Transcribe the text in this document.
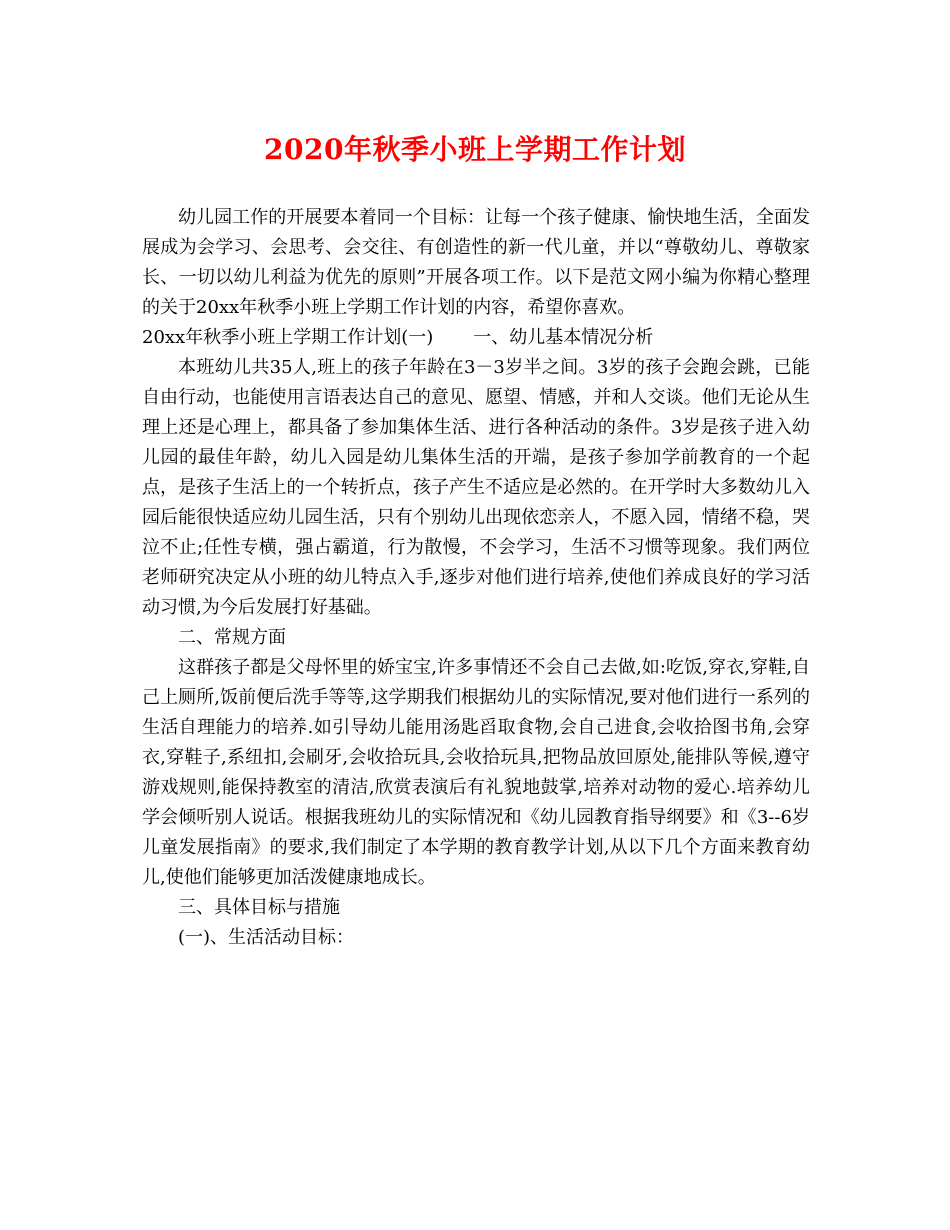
2020年秋季小班上学期工作计划

幼儿园工作的开展要本着同一个目标：让每一个孩子健康、愉快地生活，全面发展成为会学习、会思考、会交往、有创造性的新一代儿童，并以“尊敬幼儿、尊敬家长、一切以幼儿利益为优先的原则”开展各项工作。以下是范文网小编为你精心整理的关于20xx年秋季小班上学期工作计划的内容，希望你喜欢。

20xx年秋季小班上学期工作计划(一) 一、幼儿基本情况分析

本班幼儿共35人,班上的孩子年龄在3－3岁半之间。3岁的孩子会跑会跳，已能自由行动，也能使用言语表达自己的意见、愿望、情感，并和人交谈。他们无论从生理上还是心理上，都具备了参加集体生活、进行各种活动的条件。3岁是孩子进入幼儿园的最佳年龄，幼儿入园是幼儿集体生活的开端，是孩子参加学前教育的一个起点，是孩子生活上的一个转折点，孩子产生不适应是必然的。在开学时大多数幼儿入园后能很快适应幼儿园生活，只有个别幼儿出现依恋亲人，不愿入园，情绪不稳，哭泣不止;任性专横，强占霸道，行为散慢，不会学习，生活不习惯等现象。我们两位老师研究决定从小班的幼儿特点入手,逐步对他们进行培养,使他们养成良好的学习活动习惯,为今后发展打好基础。

二、常规方面

这群孩子都是父母怀里的娇宝宝,许多事情还不会自己去做,如:吃饭,穿衣,穿鞋,自己上厕所,饭前便后洗手等等,这学期我们根据幼儿的实际情况,要对他们进行一系列的生活自理能力的培养.如引导幼儿能用汤匙舀取食物,会自己进食,会收拾图书角,会穿衣,穿鞋子,系纽扣,会刷牙,会收拾玩具,会收拾玩具,把物品放回原处,能排队等候,遵守游戏规则,能保持教室的清洁,欣赏表演后有礼貌地鼓掌,培养对动物的爱心.培养幼儿学会倾听别人说话。根据我班幼儿的实际情况和《幼儿园教育指导纲要》和《3--6岁儿童发展指南》的要求,我们制定了本学期的教育教学计划,从以下几个方面来教育幼儿,使他们能够更加活泼健康地成长。

三、具体目标与措施

(一)、生活活动目标：
